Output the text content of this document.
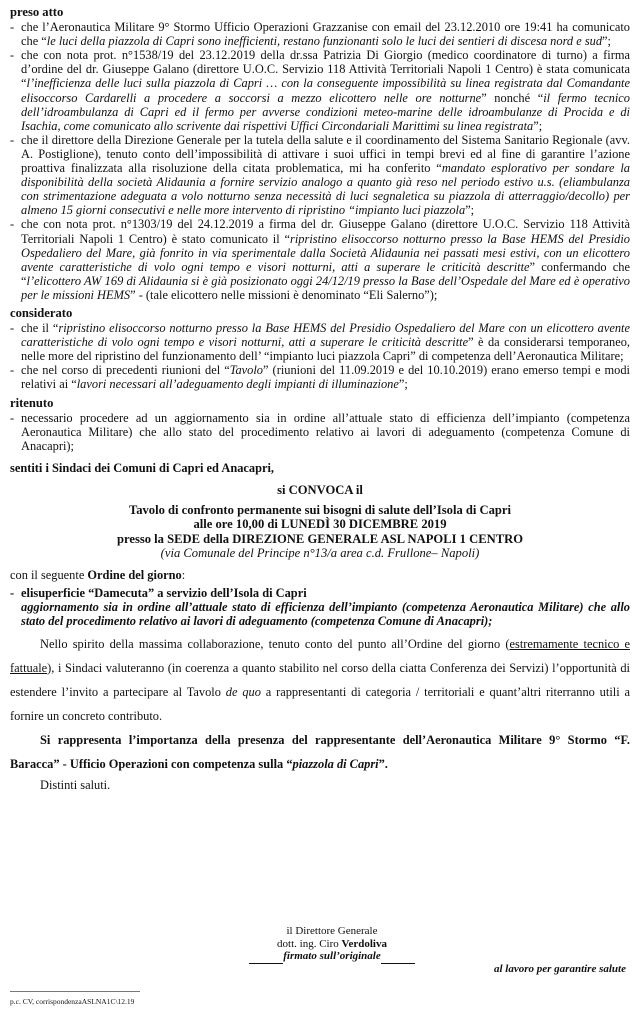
preso atto
- che l’Aeronautica Militare 9° Stormo Ufficio Operazioni Grazzanise con email del 23.12.2010 ore 19:41 ha comunicato che “le luci della piazzola di Capri sono inefficienti, restano funzionanti solo le luci dei sentieri di discesa nord e sud”;
- che con nota prot. n°1538/19 del 23.12.2019 della dr.ssa Patrizia Di Giorgio (medico coordinatore di turno) a firma d’ordine del dr. Giuseppe Galano (direttore U.O.C. Servizio 118 Attività Territoriali Napoli 1 Centro) è stata comunicata “l’inefficienza delle luci sulla piazzola di Capri … con la conseguente impossibilità su linea registrata dal Comandante elisoccorso Cardarelli a procedere a soccorsi a mezzo elicottero nelle ore notturne” nonché “il fermo tecnico dell’idroambulanza di Capri ed il fermo per avverse condizioni meteo-marine delle idroambulanze di Procida e di Isachia, come comunicato allo scrivente dai rispettivi Uffici Circondariali Marittimi su linea registrata”;
- che il direttore della Direzione Generale per la tutela della salute e il coordinamento del Sistema Sanitario Regionale (avv. A. Postiglione), tenuto conto dell’impossibilità di attivare i suoi uffici in tempi brevi ed al fine di garantire l’azione proattiva finalizzata alla risoluzione della citata problematica, mi ha conferito “mandato esplorativo per sondare la disponibilità della società Alidaunia a fornire servizio analogo a quanto già reso nel periodo estivo u.s. (eliambulanza con strimentazione adeguata a volo notturno senza necessità di luci segnaletica su piazzola di atterraggio/decollo) per almeno 15 giorni consecutivi e nelle more intervento di ripristino “impianto luci piazzola”;
- che con nota prot. n°1303/19 del 24.12.2019 a firma del dr. Giuseppe Galano (direttore U.O.C. Servizio 118 Attività Territoriali Napoli 1 Centro) è stato comunicato il “ripristino elisoccorso notturno presso la Base HEMS del Presidio Ospedaliero del Mare, già fonrito in via sperimentale dalla Società Alidaunia nei passati mesi estivi, con un elicottero avente caratteristiche di volo ogni tempo e visori notturni, atti a superare le criticità descritte” confermando che “l’elicottero AW 169 di Alidaunia si è già posizionato oggi 24/12/19 presso la Base dell’Ospedale del Mare ed è operativo per le missioni HEMS” - (tale elicottero nelle missioni è denominato “Eli Salerno”);
considerato
- che il “ripristino elisoccorso notturno presso la Base HEMS del Presidio Ospedaliero del Mare con un elicottero avente caratteristiche di volo ogni tempo e visori notturni, atti a superare le criticità descritte” è da considerarsi temporaneo, nelle more del ripristino del funzionamento dell’ “impianto luci piazzola Capri” di competenza dell’Aeronautica Militare;
- che nel corso di precedenti riunioni del “Tavolo” (riunioni del 11.09.2019 e del 10.10.2019) erano emerso tempi e modi relativi ai “lavori necessari all’adeguamento degli impianti di illuminazione”;
ritenuto
- necessario procedere ad un aggiornamento sia in ordine all’attuale stato di efficienza dell’impianto (competenza Aeronautica Militare) che allo stato del procedimento relativo ai lavori di adeguamento (competenza Comune di Anacapri);
sentiti i Sindaci dei Comuni di Capri ed Anacapri,
si CONVOCA il
Tavolo di confronto permanente sui bisogni di salute dell’Isola di Capri
alle ore 10,00 di LUNEDÌ 30 DICEMBRE 2019
presso la SEDE della DIREZIONE GENERALE ASL NAPOLI 1 CENTRO
(via Comunale del Principe n°13/a area c.d. Frullone– Napoli)
con il seguente Ordine del giorno:
- elisuperficie “Damecuta” a servizio dell’Isola di Capri
aggiornamento sia in ordine all’attuale stato di efficienza dell’impianto (competenza Aeronautica Militare) che allo stato del procedimento relativo ai lavori di adeguamento (competenza Comune di Anacapri);

Nello spirito della massima collaborazione, tenuto conto del punto all’Ordine del giorno (estremamente tecnico e fattuale), i Sindaci valuteranno (in coerenza a quanto stabilito nel corso della ciatta Conferenza dei Servizi) l’opportunità di estendere l’invito a partecipare al Tavolo de quo a rappresentanti di categoria / territoriali e quant’altri riterranno utili a fornire un concreto contributo.

Si rappresenta l’importanza della presenza del rappresentante dell’Aeronautica Militare 9° Stormo “F. Baracca” - Ufficio Operazioni con competenza sulla “piazzola di Capri”.

Distinti saluti.
il Direttore Generale
dott. ing. Ciro Verdoliva
firmato sull’originale
al lavoro per garantire salute
p.c. CV, corrispondenzaASLNA1C\12.19
